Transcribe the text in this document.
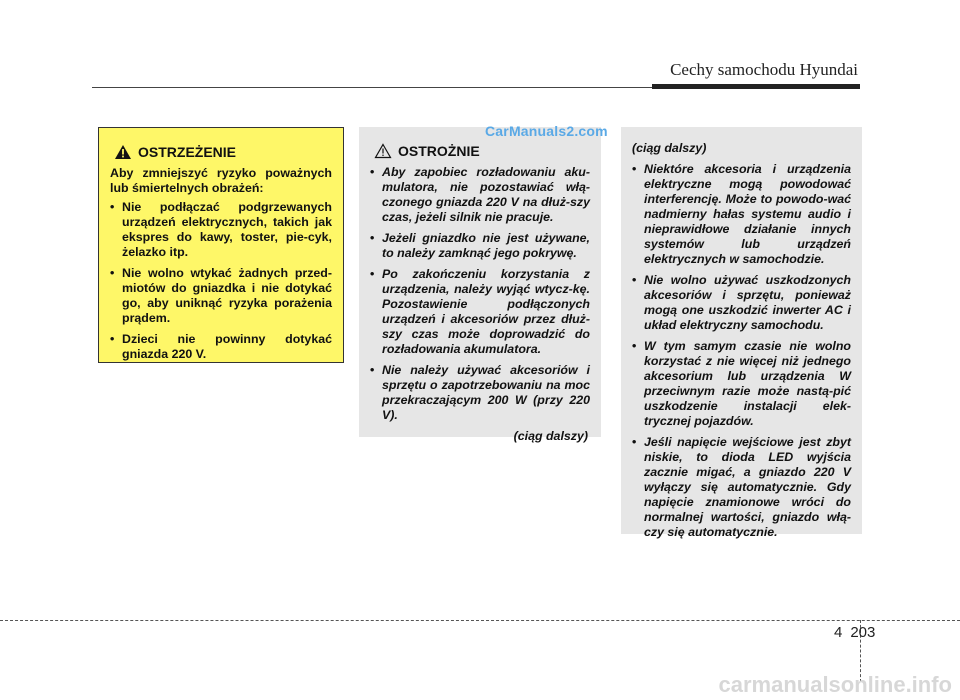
Cechy samochodu Hyundai
OSTRZEŻENIE

Aby zmniejszyć ryzyko poważnych lub śmiertelnych obrażeń:

• Nie podłączać podgrzewanych urządzeń elektrycznych, takich jak ekspres do kawy, toster, pie-cyk, żelazko itp.
• Nie wolno wtykać żadnych przed-miotów do gniazdka i nie dotykać go, aby uniknąć ryzyka porażenia prądem.
• Dzieci nie powinny dotykać gniazda 220 V.
OSTROŻNIE
• Aby zapobiec rozładowaniu aku-mulatora, nie pozostawiać włą-czonego gniazda 220 V na dłuż-szy czas, jeżeli silnik nie pracuje.
• Jeżeli gniazdko nie jest używane, to należy zamknąć jego pokrywę.
• Po zakończeniu korzystania z urządzenia, należy wyjąć wtycz-kę. Pozostawienie podłączonych urządzeń i akcesoriów przez dłuż-szy czas może doprowadzić do rozładowania akumulatora.
• Nie należy używać akcesoriów i sprzętu o zapotrzebowaniu na moc przekraczającym 200 W (przy 220 V).
(ciąg dalszy)
CarManuals2.com
(ciąg dalszy)
• Niektóre akcesoria i urządzenia elektryczne mogą powodować interferencję. Może to powodo-wać nadmierny hałas systemu audio i nieprawidłowe działanie innych systemów lub urządzeń elektrycznych w samochodzie.
• Nie wolno używać uszkodzonych akcesoriów i sprzętu, ponieważ mogą one uszkodzić inwerter AC i układ elektryczny samochodu.
• W tym samym czasie nie wolno korzystać z nie więcej niż jednego akcesorium lub urządzenia W przeciwnym razie może nastą-pić uszkodzenie instalacji elek-trycznej pojazdów.
• Jeśli napięcie wejściowe jest zbyt niskie, to dioda LED wyjścia zacznie migać, a gniazdo 220 V wyłączy się automatycznie. Gdy napięcie znamionowe wróci do normalnej wartości, gniazdo włą-czy się automatycznie.
4 203
carmanualsonline.info
